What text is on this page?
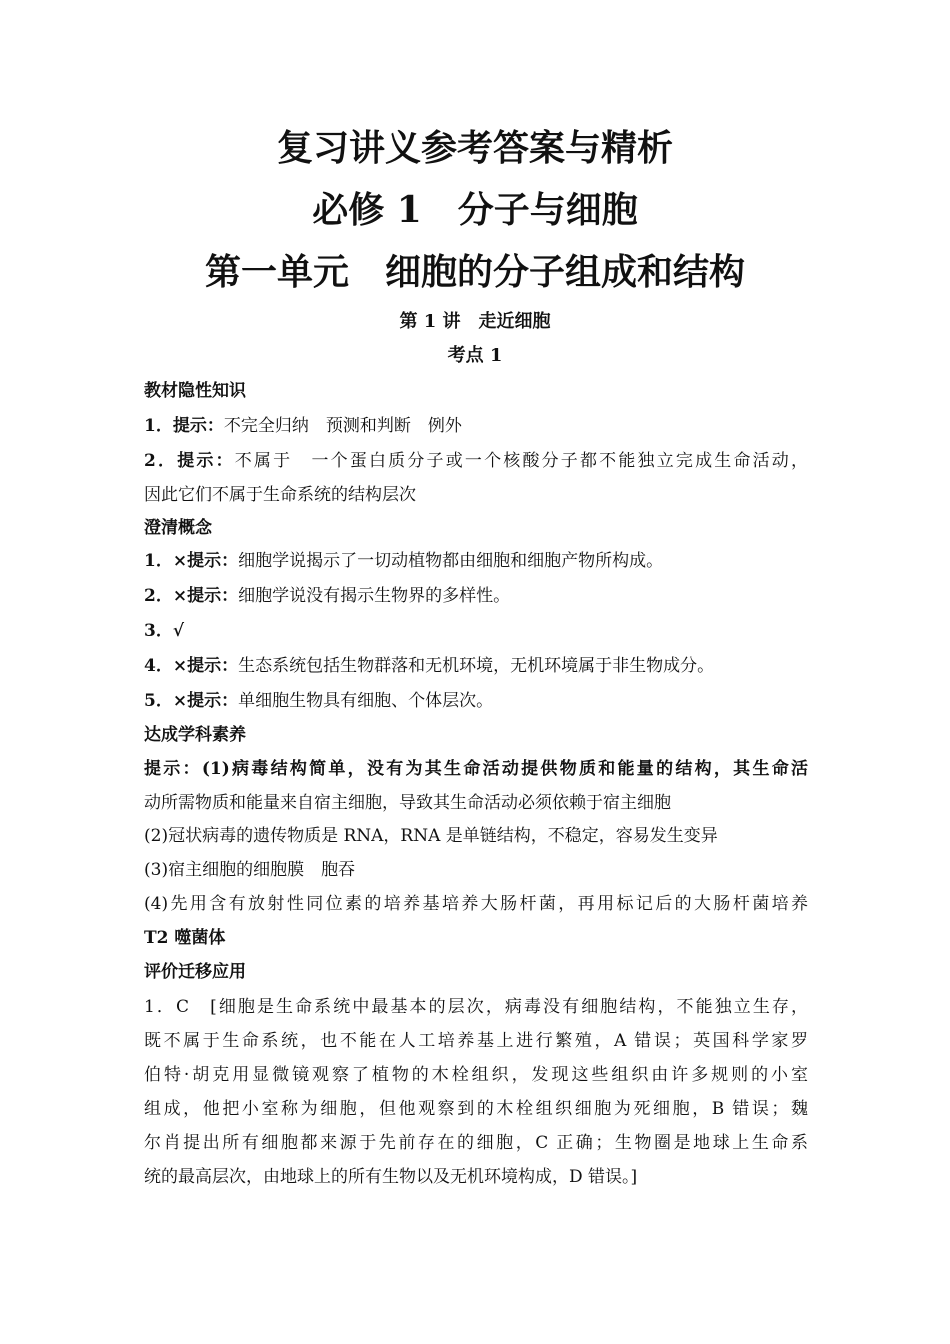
复习讲义参考答案与精析
必修 1　分子与细胞
第一单元　细胞的分子组成和结构
第 1 讲　走近细胞
考点 1
教材隐性知识
1．提示：不完全归纳　预测和判断　例外
2．提示：不属于　一个蛋白质分子或一个核酸分子都不能独立完成生命活动，
因此它们不属于生命系统的结构层次
澄清概念
1．×提示：细胞学说揭示了一切动植物都由细胞和细胞产物所构成。
2．×提示：细胞学说没有揭示生物界的多样性。
3．√
4．×提示：生态系统包括生物群落和无机环境，无机环境属于非生物成分。
5．×提示：单细胞生物具有细胞、个体层次。
达成学科素养
提示：(1)病毒结构简单，没有为其生命活动提供物质和能量的结构，其生命活
动所需物质和能量来自宿主细胞，导致其生命活动必须依赖于宿主细胞
(2)冠状病毒的遗传物质是 RNA，RNA 是单链结构，不稳定，容易发生变异
(3)宿主细胞的细胞膜　胞吞
(4)先用含有放射性同位素的培养基培养大肠杆菌，再用标记后的大肠杆菌培养
T2 噬菌体
评价迁移应用
1．C　[细胞是生命系统中最基本的层次，病毒没有细胞结构，不能独立生存，
既不属于生命系统，也不能在人工培养基上进行繁殖，A 错误；英国科学家罗
伯特·胡克用显微镜观察了植物的木栓组织，发现这些组织由许多规则的小室
组成，他把小室称为细胞，但他观察到的木栓组织细胞为死细胞，B 错误；魏
尔肖提出所有细胞都来源于先前存在的细胞，C 正确；生物圈是地球上生命系
统的最高层次，由地球上的所有生物以及无机环境构成，D 错误。]
